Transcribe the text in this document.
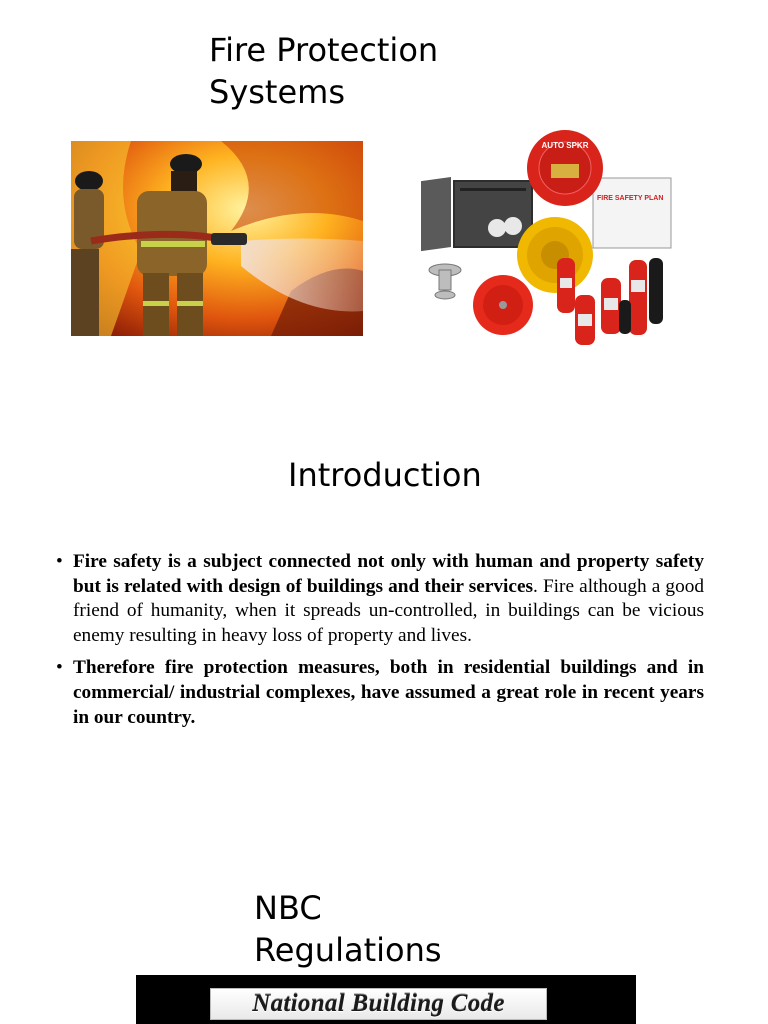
Fire Protection Systems
FIRE SAFETY PLAN
AUTO SPKR
Introduction
• Fire safety is a subject connected not only with human and property safety but is related with design of buildings and their services. Fire although a good friend of humanity, when it spreads un-controlled, in buildings can be vicious enemy resulting in heavy loss of property and lives.
• Therefore fire protection measures, both in residential buildings and in commercial/ industrial complexes, have assumed a great role in recent years in our country.
NBC Regulations
National Building Code
